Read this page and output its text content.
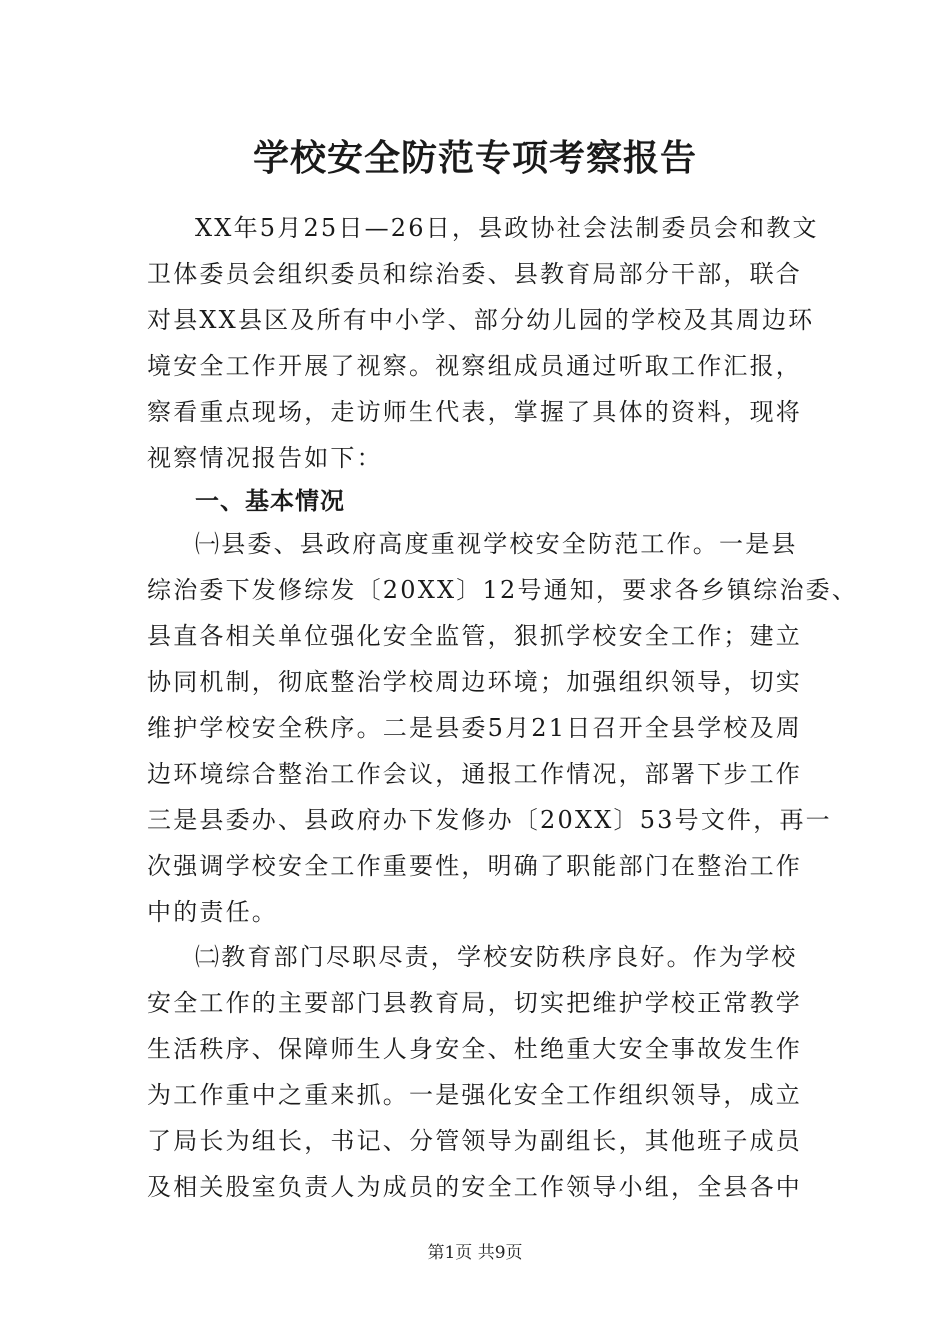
学校安全防范专项考察报告
XX年5月25日—26日，县政协社会法制委员会和教文
卫体委员会组织委员和综治委、县教育局部分干部，联合
对县XX县区及所有中小学、部分幼儿园的学校及其周边环
境安全工作开展了视察。视察组成员通过听取工作汇报，
察看重点现场，走访师生代表，掌握了具体的资料，现将
视察情况报告如下：
一、基本情况
㈠县委、县政府高度重视学校安全防范工作。一是县
综治委下发修综发〔20XX〕12号通知，要求各乡镇综治委、
县直各相关单位强化安全监管，狠抓学校安全工作；建立
协同机制，彻底整治学校周边环境；加强组织领导，切实
维护学校安全秩序。二是县委5月21日召开全县学校及周
边环境综合整治工作会议，通报工作情况，部署下步工作
三是县委办、县政府办下发修办〔20XX〕53号文件，再一
次强调学校安全工作重要性，明确了职能部门在整治工作
中的责任。
㈡教育部门尽职尽责，学校安防秩序良好。作为学校
安全工作的主要部门县教育局，切实把维护学校正常教学
生活秩序、保障师生人身安全、杜绝重大安全事故发生作
为工作重中之重来抓。一是强化安全工作组织领导，成立
了局长为组长，书记、分管领导为副组长，其他班子成员
及相关股室负责人为成员的安全工作领导小组，全县各中
第1页 共9页
